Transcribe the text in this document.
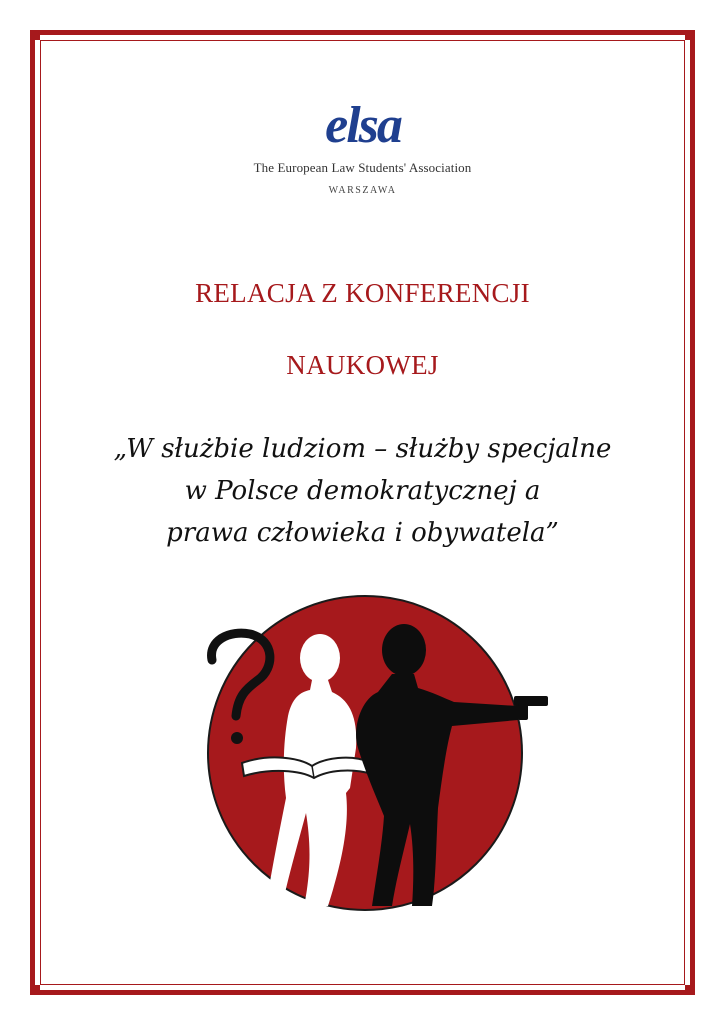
elsa
The European Law Students' Association
WARSZAWA
RELACJA Z KONFERENCJI
NAUKOWEJ
„W służbie ludziom – służby specjalne
w Polsce demokratycznej a
prawa człowieka i obywatela”
